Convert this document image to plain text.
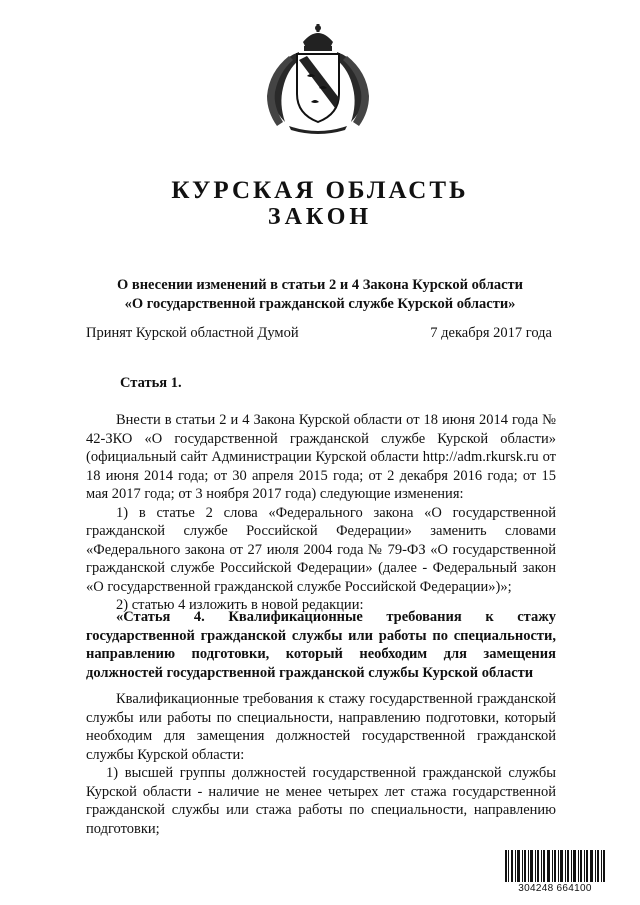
КУРСКАЯ ОБЛАСТЬ
ЗАКОН
О внесении изменений в статьи 2 и 4 Закона Курской области
«О государственной гражданской службе Курской области»
Принят Курской областной Думой	7 декабря 2017 года
Статья 1.

Внести в статьи 2 и 4 Закона Курской области от 18 июня 2014 года № 42-ЗКО «О государственной гражданской службе Курской области» (официальный сайт Администрации Курской области http://adm.rkursk.ru от 18 июня 2014 года; от 30 апреля 2015 года; от 2 декабря 2016 года; от 15 мая 2017 года; от 3 ноября 2017 года) следующие изменения:

1) в статье 2 слова «Федерального закона «О государственной гражданской службе Российской Федерации» заменить словами «Федерального закона от 27 июля 2004 года № 79-ФЗ «О государственной гражданской службе Российской Федерации» (далее - Федеральный закон «О государственной гражданской службе Российской Федерации»)»;

2) статью 4 изложить в новой редакции:

«Статья 4. Квалификационные требования к стажу государственной гражданской службы или работы по специальности, направлению подготовки, который необходим для замещения должностей государственной гражданской службы Курской области

Квалификационные требования к стажу государственной гражданской службы или работы по специальности, направлению подготовки, который необходим для замещения должностей государственной гражданской службы Курской области:

1) высшей группы должностей государственной гражданской службы Курской области - наличие не менее четырех лет стажа государственной гражданской службы или стажа работы по специальности, направлению подготовки;

304248 664100
